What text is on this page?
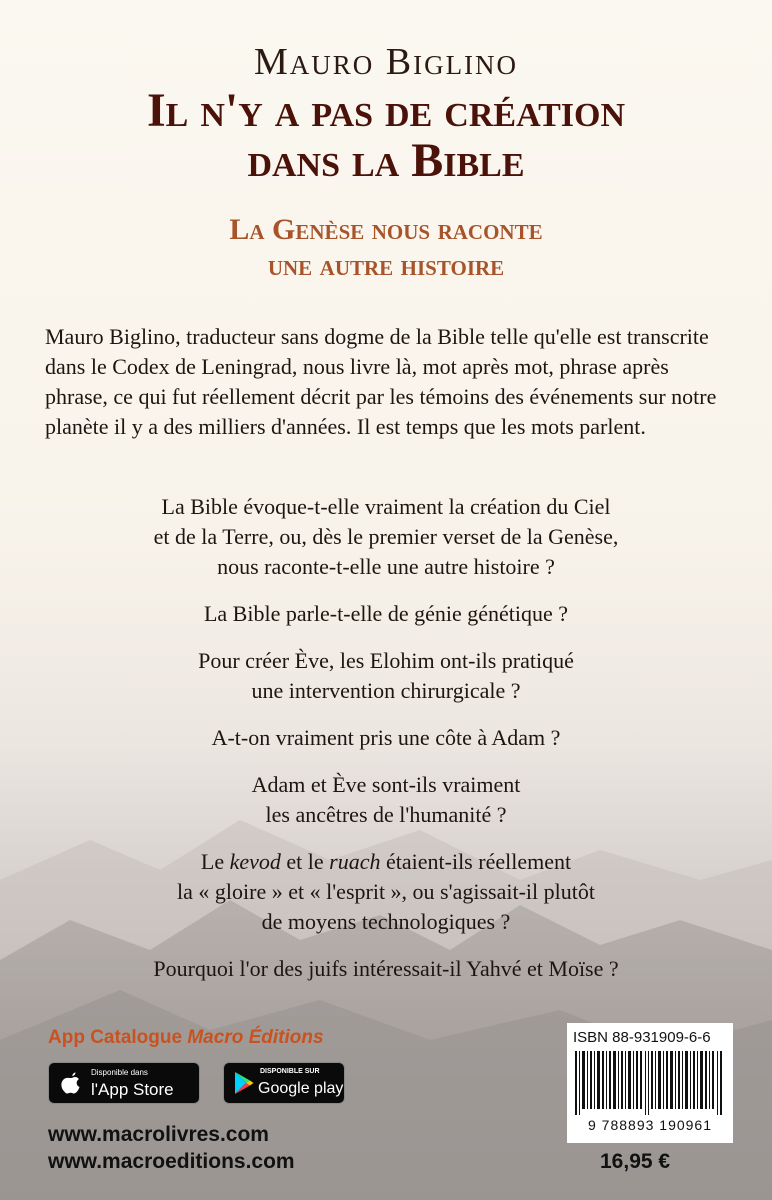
Mauro Biglino
Il n'y a pas de création
dans la Bible
La Genèse nous raconte
une autre histoire
Mauro Biglino, traducteur sans dogme de la Bible telle qu'elle est transcrite dans le Codex de Leningrad, nous livre là, mot après mot, phrase après phrase, ce qui fut réellement décrit par les témoins des événements sur notre planète il y a des milliers d'années. Il est temps que les mots parlent.

La Bible évoque-t-elle vraiment la création du Ciel
et de la Terre, ou, dès le premier verset de la Genèse,
nous raconte-t-elle une autre histoire ?

La Bible parle-t-elle de génie génétique ?

Pour créer Ève, les Elohim ont-ils pratiqué
une intervention chirurgicale ?

A-t-on vraiment pris une côte à Adam ?

Adam et Ève sont-ils vraiment
les ancêtres de l'humanité ?

Le kevod et le ruach étaient-ils réellement
la « gloire » et « l'esprit », ou s'agissait-il plutôt
de moyens technologiques ?

Pourquoi l'or des juifs intéressait-il Yahvé et Moïse ?

App Catalogue Macro Éditions
Disponible dans
l'App Store
DISPONIBLE SUR
Google play
www.macrolivres.com
www.macroeditions.com
ISBN 88-931909-6-6
9 788893 190961
16,95 €
